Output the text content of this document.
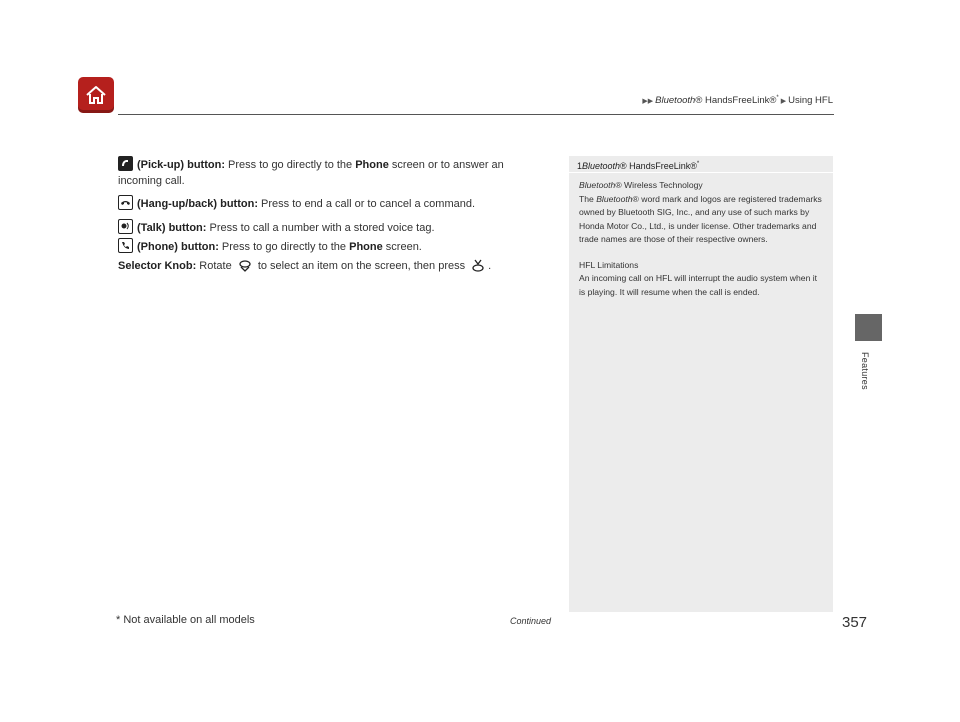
▶▶ Bluetooth® HandsFreeLink®*▶ Using HFL
Features

(Pick-up) button: Press to go directly to the Phone screen or to answer an incoming call.

(Hang-up/back) button: Press to end a call or to cancel a command.

(Talk) button: Press to call a number with a stored voice tag.

(Phone) button: Press to go directly to the Phone screen.

Selector Knob: Rotate  to select an item on the screen, then press .

1Bluetooth® HandsFreeLink®*

Bluetooth® Wireless Technology

The Bluetooth® word mark and logos are registered trademarks owned by Bluetooth SIG, Inc., and any use of such marks by Honda Motor Co., Ltd., is under license. Other trademarks and trade names are those of their respective owners.

HFL Limitations

An incoming call on HFL will interrupt the audio system when it is playing. It will resume when the call is ended.

* Not available on all models	Continued	357
